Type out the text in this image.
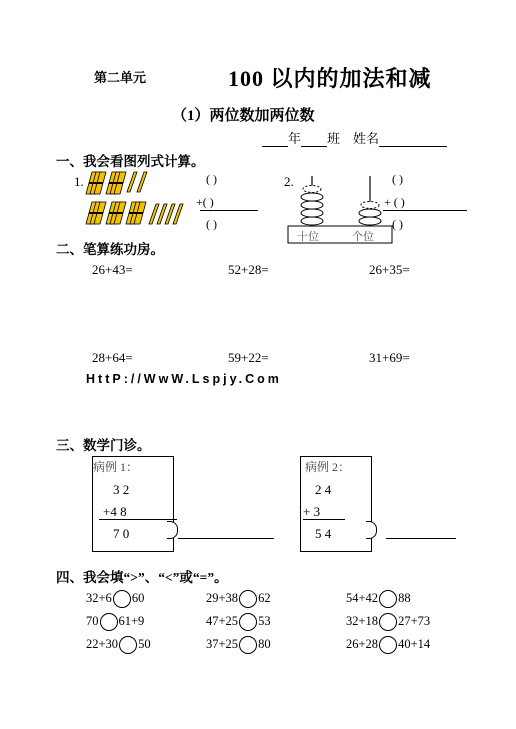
第二单元	100 以内的加法和减
（1）两位数加两位数
年 班 姓名
一、我会看图列式计算。
1.	( )
+( )
( )
2.
十位	个位
( )
+ ( )
( )
二、笔算练功房。
26+43=	52+28=	26+35=
28+64=	59+22=	31+69=
HttP://WwW.Lspjy.Com
三、数学门诊。
病例 1：
3 2
+4 8
7 0
病例 2：
2 4
+ 3
5 4
四、我会填“>”、“<”或“=”。
32+6 60	29+38 62	54+42 88
70 61+9	47+25 53	32+18 27+73
22+30 50	37+25 80	26+28 40+14
